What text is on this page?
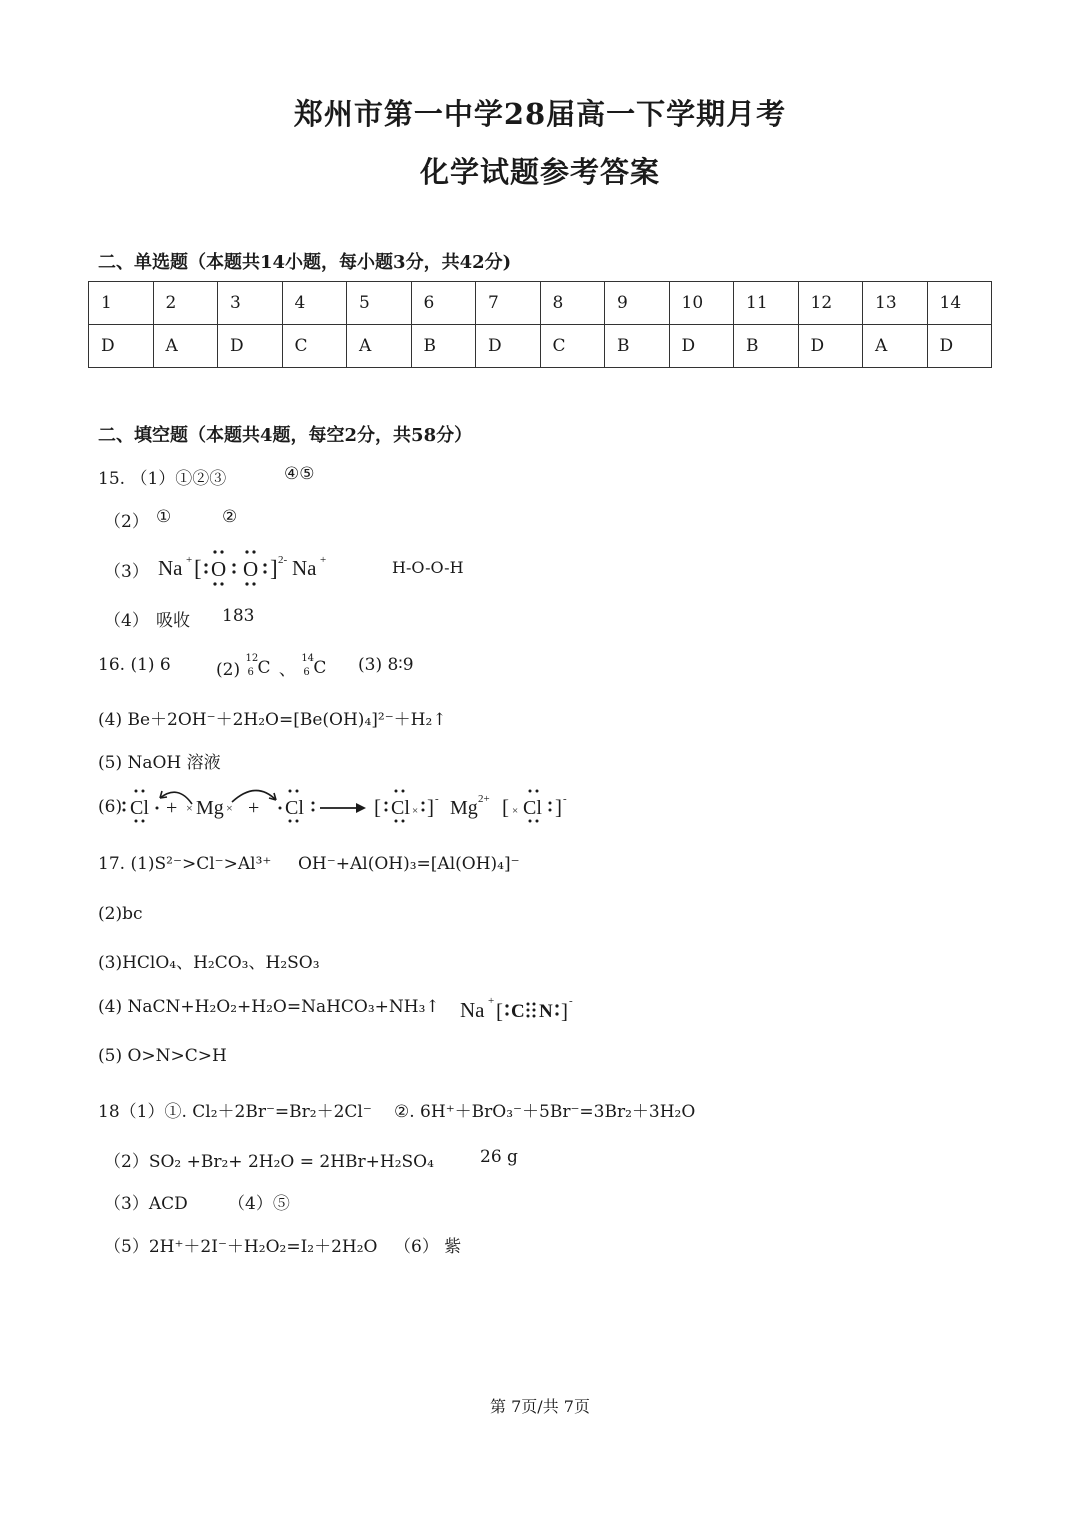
郑州市第一中学28届高一下学期月考
化学试题参考答案
二、单选题（本题共14小题，每小题3分，共42分)
1	2	3	4	5	6	7	8	9	10	11	12	13	14
D	A	D	C	A	B	D	C	B	D	B	D	A	D
二、填空题（本题共4题，每空2分，共58分）
15. （1）①②③	④⑤
（2） ①	②
（3） Na + [ O O ] 2- Na +	H-O-O-H
（4） 吸收 183
16. (1) 6	(2)
12
6 C 、
14
6 C (3) 8∶9
(4) Be＋2OH⁻＋2H₂O=[Be(OH)₄]²⁻＋H₂↑
(5) NaOH 溶液
(6) Cl + × Mg × + Cl	[ Cl × ] - Mg 2+ [ × Cl ] -
17. (1)S²⁻>Cl⁻>Al³⁺ OH⁻+Al(OH)₃=[Al(OH)₄]⁻
(2)bc
(3)HClO₄、H₂CO₃、H₂SO₃
(4) NaCN+H₂O₂+H₂O=NaHCO₃+NH₃↑ Na + [ C N ] -
(5) O>N>C>H
18（1）①. Cl₂＋2Br⁻=Br₂＋2Cl⁻ ②. 6H⁺＋BrO₃⁻＋5Br⁻=3Br₂＋3H₂O
（2）SO₂ +Br₂+ 2H₂O = 2HBr+H₂SO₄	26 g
（3）ACD （4）⑤
（5）2H⁺＋2I⁻＋H₂O₂=I₂＋2H₂O （6） 紫
第 7页/共 7页
